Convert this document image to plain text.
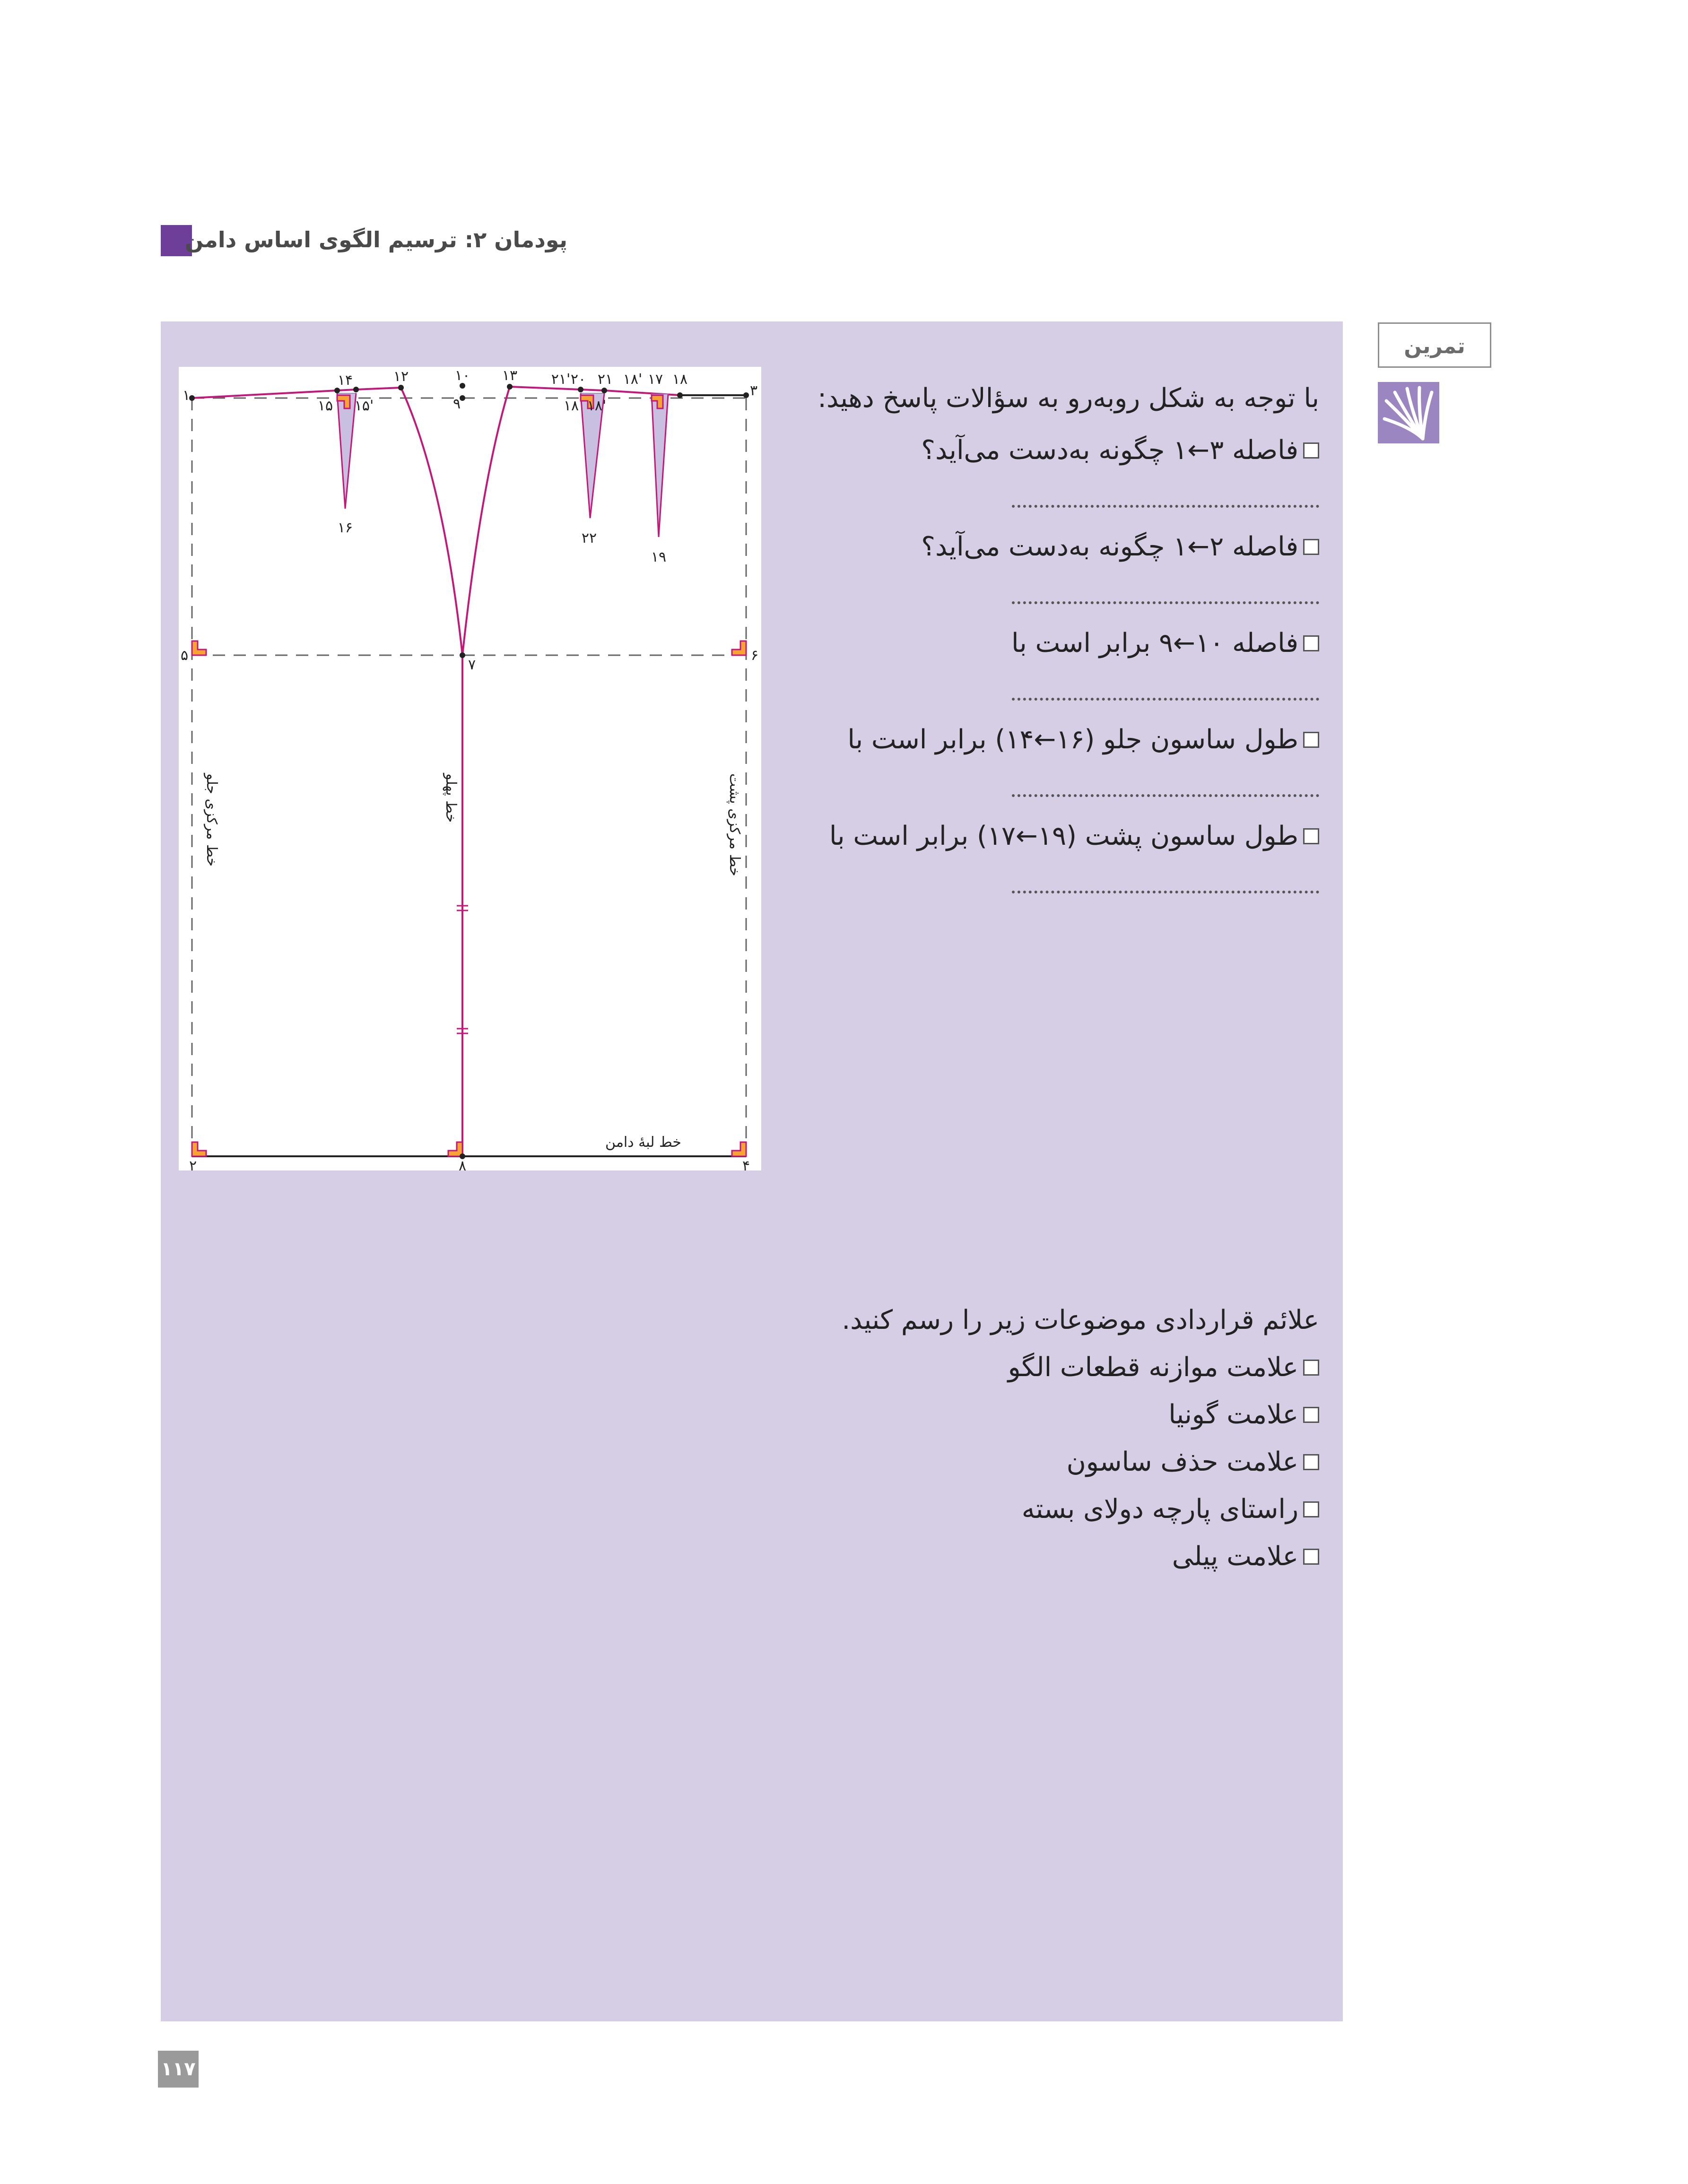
پودمان ۲: ترسیم الگوی اساس دامن
تمرین
۱	۳
۱۴	۱۲	۱۰
۹
۱۳ ۲۱' ۲۰ ۲۱ ۱۸' ۱۷ ۱۸
۱۵ ۱۵'	۱۸ ۱۸'
۱۶
۲۲
۱۹
۵	۶
۷
۲	۸	۴
خط مرکزی جلو	خط پهلو	خط مرکزی پشت
خط لبهٔ دامن
با توجه به شکل روبه‌رو به سؤالات پاسخ دهید:
فاصله ۳←۱ چگونه به‌دست می‌آید؟
فاصله ۲←۱ چگونه به‌دست می‌آید؟
فاصله ۱۰←۹ برابر است با
طول ساسون جلو (۱۶←۱۴) برابر است با
طول ساسون پشت (۱۹←۱۷) برابر است با
علائم قراردادی موضوعات زیر را رسم کنید.
علامت موازنه قطعات الگو
علامت گونیا
علامت حذف ساسون
راستای پارچه دولای بسته
علامت پیلی
۱۱۷
